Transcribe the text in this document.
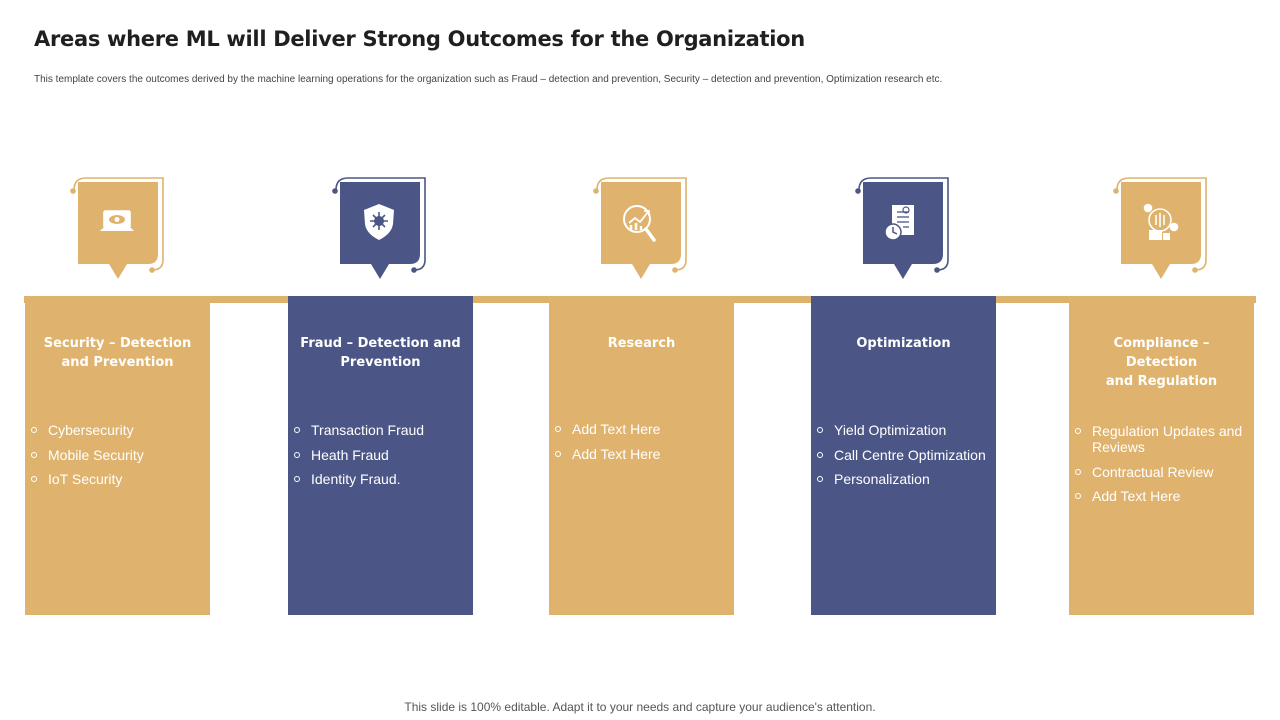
Areas where ML will Deliver Strong Outcomes for the Organization

This template covers the outcomes derived by the machine learning operations for the organization such as Fraud – detection and prevention, Security – detection and prevention, Optimization research etc.

Security – Detection
and Prevention
Cybersecurity
Mobile Security
IoT Security
Fraud – Detection and
Prevention
Transaction Fraud
Heath Fraud
Identity Fraud.
Research
Add Text Here
Add Text Here
Optimization
Yield Optimization
Call Centre Optimization
Personalization
Compliance –
Detection
and Regulation
Regulation Updates and Reviews
Contractual Review
Add Text Here

This slide is 100% editable. Adapt it to your needs and capture your audience's attention.
